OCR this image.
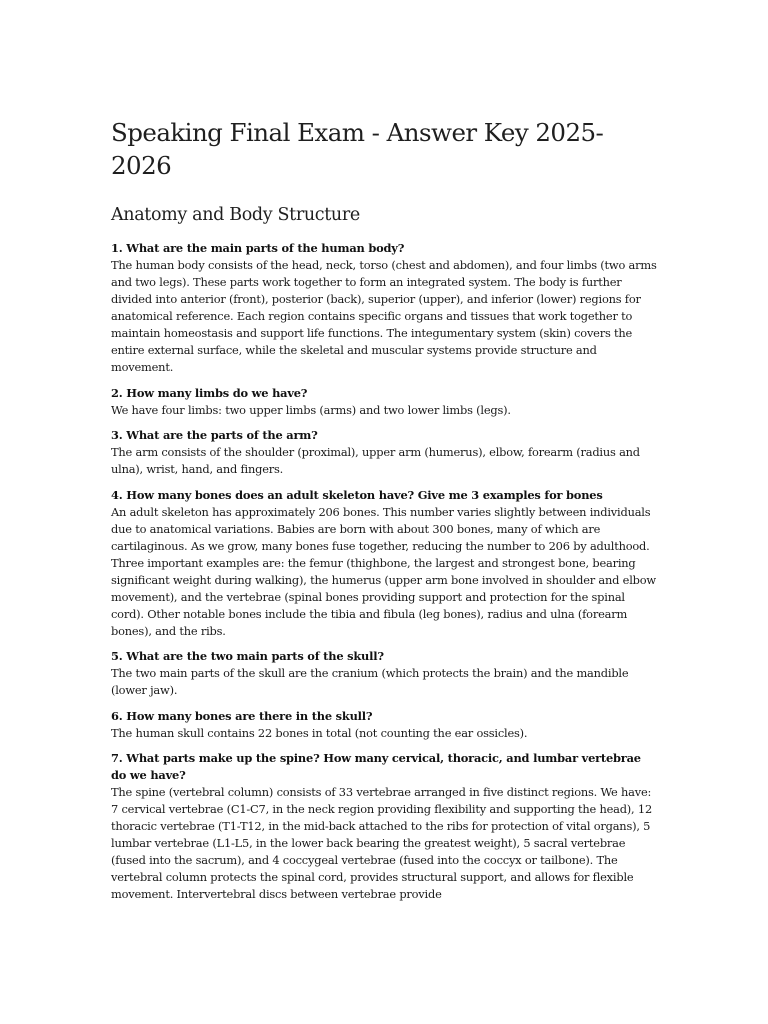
Speaking Final Exam - Answer Key 2025-2026
Anatomy and Body Structure

1. What are the main parts of the human body?

The human body consists of the head, neck, torso (chest and abdomen), and four limbs (two arms and two legs). These parts work together to form an integrated system. The body is further divided into anterior (front), posterior (back), superior (upper), and inferior (lower) regions for anatomical reference. Each region contains specific organs and tissues that work together to maintain homeostasis and support life functions. The integumentary system (skin) covers the entire external surface, while the skeletal and muscular systems provide structure and movement.

2. How many limbs do we have?

We have four limbs: two upper limbs (arms) and two lower limbs (legs).

3. What are the parts of the arm?

The arm consists of the shoulder (proximal), upper arm (humerus), elbow, forearm (radius and ulna), wrist, hand, and fingers.

4. How many bones does an adult skeleton have? Give me 3 examples for bones

An adult skeleton has approximately 206 bones. This number varies slightly between individuals due to anatomical variations. Babies are born with about 300 bones, many of which are cartilaginous. As we grow, many bones fuse together, reducing the number to 206 by adulthood. Three important examples are: the femur (thighbone, the largest and strongest bone, bearing significant weight during walking), the humerus (upper arm bone involved in shoulder and elbow movement), and the vertebrae (spinal bones providing support and protection for the spinal cord). Other notable bones include the tibia and fibula (leg bones), radius and ulna (forearm bones), and the ribs.

5. What are the two main parts of the skull?

The two main parts of the skull are the cranium (which protects the brain) and the mandible (lower jaw).

6. How many bones are there in the skull?

The human skull contains 22 bones in total (not counting the ear ossicles).

7. What parts make up the spine? How many cervical, thoracic, and lumbar vertebrae do we have?

The spine (vertebral column) consists of 33 vertebrae arranged in five distinct regions. We have: 7 cervical vertebrae (C1-C7, in the neck region providing flexibility and supporting the head), 12 thoracic vertebrae (T1-T12, in the mid-back attached to the ribs for protection of vital organs), 5 lumbar vertebrae (L1-L5, in the lower back bearing the greatest weight), 5 sacral vertebrae (fused into the sacrum), and 4 coccygeal vertebrae (fused into the coccyx or tailbone). The vertebral column protects the spinal cord, provides structural support, and allows for flexible movement. Intervertebral discs between vertebrae provide
